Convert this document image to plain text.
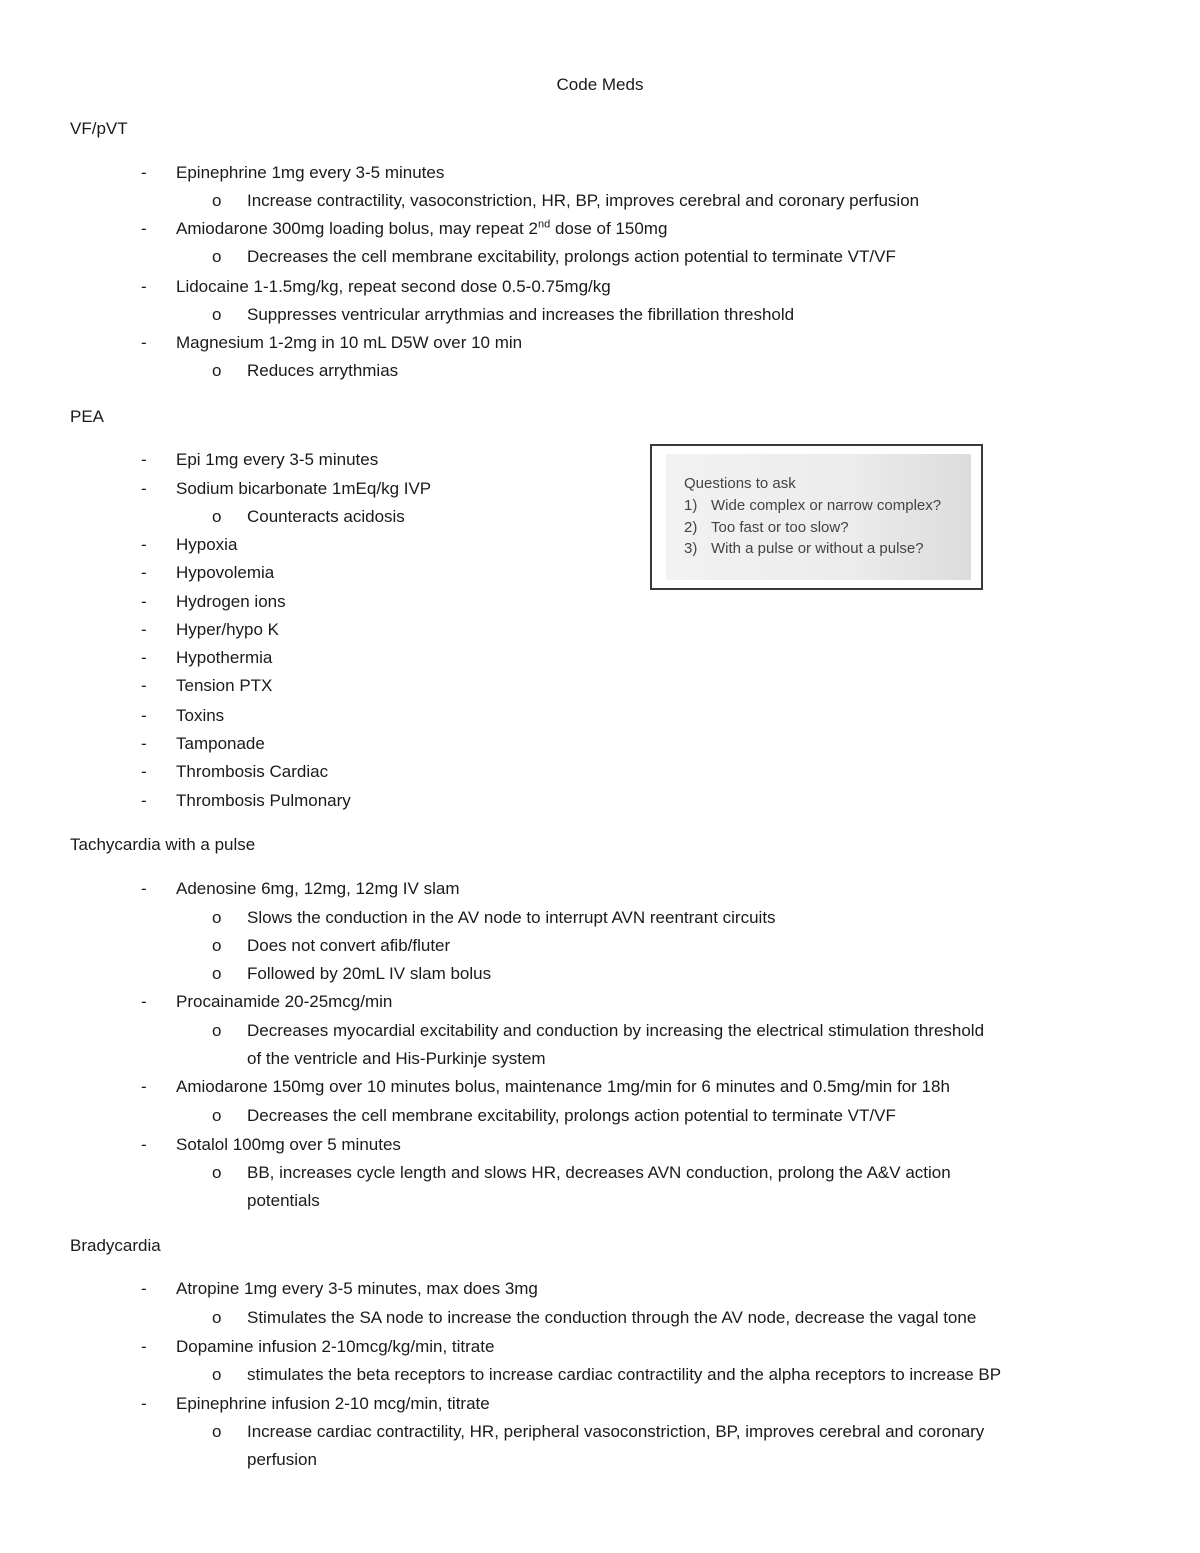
Code Meds
VF/pVT
- Epinephrine 1mg every 3-5 minutes
o Increase contractility, vasoconstriction, HR, BP, improves cerebral and coronary perfusion
- Amiodarone 300mg loading bolus, may repeat 2nd dose of 150mg
o Decreases the cell membrane excitability, prolongs action potential to terminate VT/VF
- Lidocaine 1-1.5mg/kg, repeat second dose 0.5-0.75mg/kg
o Suppresses ventricular arrythmias and increases the fibrillation threshold
- Magnesium 1-2mg in 10 mL D5W over 10 min
o Reduces arrythmias
PEA
- Epi 1mg every 3-5 minutes
- Sodium bicarbonate 1mEq/kg IVP
o Counteracts acidosis
- Hypoxia
- Hypovolemia
- Hydrogen ions
- Hyper/hypo K
- Hypothermia
- Tension PTX
- Toxins
- Tamponade
- Thrombosis Cardiac
- Thrombosis Pulmonary
Questions to ask
1) Wide complex or narrow complex?
2) Too fast or too slow?
3) With a pulse or without a pulse?
Tachycardia with a pulse
- Adenosine 6mg, 12mg, 12mg IV slam
o Slows the conduction in the AV node to interrupt AVN reentrant circuits
o Does not convert afib/fluter
o Followed by 20mL IV slam bolus
- Procainamide 20-25mcg/min
o Decreases myocardial excitability and conduction by increasing the electrical stimulation threshold
of the ventricle and His-Purkinje system
- Amiodarone 150mg over 10 minutes bolus, maintenance 1mg/min for 6 minutes and 0.5mg/min for 18h
o Decreases the cell membrane excitability, prolongs action potential to terminate VT/VF
- Sotalol 100mg over 5 minutes
o BB, increases cycle length and slows HR, decreases AVN conduction, prolong the A&V action
potentials
Bradycardia
- Atropine 1mg every 3-5 minutes, max does 3mg
o Stimulates the SA node to increase the conduction through the AV node, decrease the vagal tone
- Dopamine infusion 2-10mcg/kg/min, titrate
o stimulates the beta receptors to increase cardiac contractility and the alpha receptors to increase BP
- Epinephrine infusion 2-10 mcg/min, titrate
o Increase cardiac contractility, HR, peripheral vasoconstriction, BP, improves cerebral and coronary
perfusion
